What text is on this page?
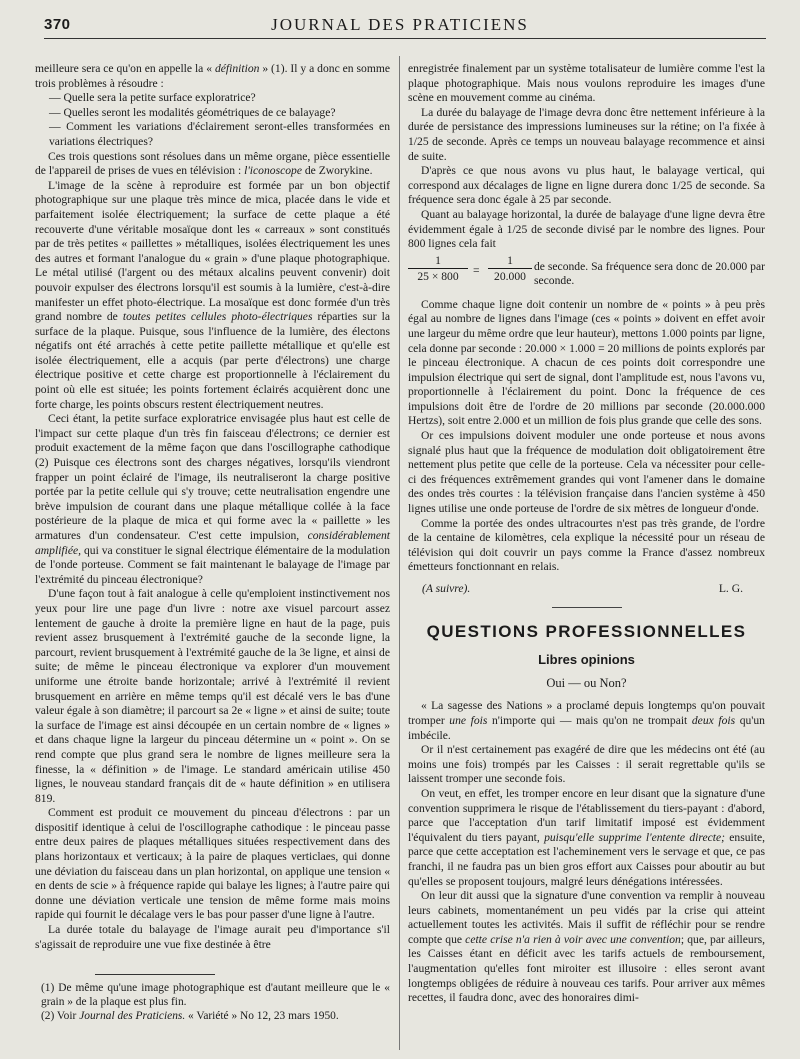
370	JOURNAL DES PRATICIENS

meilleure sera ce qu'on en appelle la « définition » (1). Il y a donc en somme trois problèmes à résoudre :

— Quelle sera la petite surface exploratrice?

— Quelles seront les modalités géométriques de ce balayage?

— Comment les variations d'éclairement seront-elles transformées en variations électriques?

Ces trois questions sont résolues dans un même organe, pièce essentielle de l'appareil de prises de vues en télévision : l'iconoscope de Zworykine.

L'image de la scène à reproduire est formée par un bon objectif photographique sur une plaque très mince de mica, placée dans le vide et parfaitement isolée électriquement; la surface de cette plaque a été recouverte d'une véritable mosaïque dont les « carreaux » sont constitués par de très petites « paillettes » métalliques, isolées électriquement les unes des autres et formant l'analogue du « grain » d'une plaque photographique. Le métal utilisé (l'argent ou des métaux alcalins peuvent convenir) doit pouvoir expulser des électrons lorsqu'il est soumis à la lumière, c'est-à-dire manifester un effet photo-électrique. La mosaïque est donc formée d'un très grand nombre de toutes petites cellules photo-électriques réparties sur la surface de la plaque. Puisque, sous l'influence de la lumière, des électons négatifs ont été arrachés à cette petite paillette métallique et qu'elle est isolée électriquement, elle a acquis (par perte d'électrons) une charge électrique positive et cette charge est proportionnelle à l'éclairement du point où elle est située; les points fortement éclairés acquièrent donc une forte charge, les points obscurs restent électriquement neutres.

Ceci étant, la petite surface exploratrice envisagée plus haut est celle de l'impact sur cette plaque d'un très fin faisceau d'électrons; ce dernier est produit exactement de la même façon que dans l'oscillographe cathodique (2) Puisque ces électrons sont des charges négatives, lorsqu'ils viendront frapper un point éclairé de l'image, ils neutraliseront la charge positive portée par la petite cellule qui s'y trouve; cette neutralisation engendre une brève impulsion de courant dans une plaque métallique collée à la face postérieure de la plaque de mica et qui forme avec la « paillette » les armatures d'un condensateur. C'est cette impulsion, considérablement amplifiée, qui va constituer le signal électrique élémentaire de la modulation de l'onde porteuse. Comment se fait maintenant le balayage de l'image par l'extrémité du pinceau électronique?

D'une façon tout à fait analogue à celle qu'emploient instinctivement nos yeux pour lire une page d'un livre : notre axe visuel parcourt assez lentement de gauche à droite la première ligne en haut de la page, puis revient assez brusquement à l'extrémité gauche de la seconde ligne, la parcourt, revient brusquement à l'extrémité gauche de la 3e ligne, et ainsi de suite; de même le pinceau électronique va explorer d'un mouvement uniforme une étroite bande horizontale; arrivé à l'extrémité il revient brusquement en arrière en même temps qu'il est décalé vers le bas d'une valeur égale à son diamètre; il parcourt sa 2e « ligne » et ainsi de suite; toute la surface de l'image est ainsi découpée en un certain nombre de « lignes » et dans chaque ligne la largeur du pinceau détermine un « point ». On se rend compte que plus grand sera le nombre de lignes meilleure sera la finesse, la « définition » de l'image. Le standard américain utilise 450 lignes, le nouveau standard français dit de « haute définition » en utilisera 819.

Comment est produit ce mouvement du pinceau d'électrons : par un dispositif identique à celui de l'oscillographe cathodique : le pinceau passe entre deux paires de plaques métalliques situées respectivement dans des plans horizontaux et verticaux; à la paire de plaques verticlaes, qui donne une déviation du faisceau dans un plan horizontal, on applique une tension « en dents de scie » à fréquence rapide qui balaye les lignes; à l'autre paire qui donne une déviation verticale une tension de même forme mais moins rapide qui fournit le décalage vers le bas pour passer d'une ligne à l'autre.

La durée totale du balayage de l'image aurait peu d'importance s'il s'agissait de reproduire une vue fixe destinée à être

(1) De même qu'une image photographique est d'autant meilleure que le « grain » de la plaque est plus fin.

(2) Voir Journal des Praticiens. « Variété » No 12, 23 mars 1950.

enregistrée finalement par un système totalisateur de lumière comme l'est la plaque photographique. Mais nous voulons reproduire les images d'une scène en mouvement comme au cinéma.

La durée du balayage de l'image devra donc être nettement inférieure à la durée de persistance des impressions lumineuses sur la rétine; on l'a fixée à 1/25 de seconde. Après ce temps un nouveau balayage recommence et ainsi de suite.

D'après ce que nous avons vu plus haut, le balayage vertical, qui correspond aux décalages de ligne en ligne durera donc 1/25 de seconde. Sa fréquence sera donc égale à 25 par seconde.

Quant au balayage horizontal, la durée de balayage d'une ligne devra être évidemment égale à 1/25 de seconde divisé par le nombre des lignes. Pour 800 lignes cela fait

$\frac{1}{25 \times 800} = \frac{1}{20.000}$ de seconde. Sa fréquence sera donc de 20.000 par seconde.

Comme chaque ligne doit contenir un nombre de « points » à peu près égal au nombre de lignes dans l'image (ces « points » doivent en effet avoir une largeur du même ordre que leur hauteur), mettons 1.000 points par ligne, cela donne par seconde : 20.000 × 1.000 = 20 millions de points explorés par le pinceau électronique. A chacun de ces points doit correspondre une impulsion électrique qui sert de signal, dont l'amplitude est, nous l'avons vu, proportionnelle à l'éclairement du point. Donc la fréquence de ces impulsions doit être de l'ordre de 20 millions par seconde (20.000.000 Hertzs), soit entre 2.000 et un million de fois plus grande que celle des sons.

Or ces impulsions doivent moduler une onde porteuse et nous avons signalé plus haut que la fréquence de modulation doit obligatoirement être nettement plus petite que celle de la porteuse. Cela va nécessiter pour celle-ci des fréquences extrêmement grandes qui vont l'amener dans le domaine des ondes très courtes : la télévision française dans l'ancien système à 450 lignes utilise une onde porteuse de l'ordre de six mètres de longueur d'onde.

Comme la portée des ondes ultracourtes n'est pas très grande, de l'ordre de la centaine de kilomètres, cela explique la nécessité pour un réseau de télévision qui doit couvrir un pays comme la France d'assez nombreux émetteurs fonctionnant en relais.

(A suivre).	L. G.

QUESTIONS PROFESSIONNELLES

Libres opinions

Oui — ou Non?

« La sagesse des Nations » a proclamé depuis longtemps qu'on pouvait tromper une fois n'importe qui — mais qu'on ne trompait deux fois qu'un imbécile.

Or il n'est certainement pas exagéré de dire que les médecins ont été (au moins une fois) trompés par les Caisses : il serait regrettable qu'ils se laissent tromper une seconde fois.

On veut, en effet, les tromper encore en leur disant que la signature d'une convention supprimera le risque de l'établissement du tiers-payant : d'abord, parce que l'acceptation d'un tarif limitatif imposé est évidemment l'équivalent du tiers payant, puisqu'elle supprime l'entente directe; ensuite, parce que cette acceptation est l'acheminement vers le servage et que, ce pas franchi, il ne faudra pas un bien gros effort aux Caisses pour aboutir au but qu'elles se proposent toujours, malgré leurs dénégations intéressées.

On leur dit aussi que la signature d'une convention va remplir à nouveau leurs cabinets, momentanément un peu vidés par la crise qui atteint actuellement toutes les activités. Mais il suffit de réfléchir pour se rendre compte que cette crise n'a rien à voir avec une convention; que, par ailleurs, les Caisses étant en déficit avec les tarifs actuels de remboursement, l'augmentation qu'elles font miroiter est illusoire : elles seront avant longtemps obligées de réduire à nouveau ces tarifs. Pour arriver aux mêmes recettes, il faudra donc, avec des honoraires dimi-
